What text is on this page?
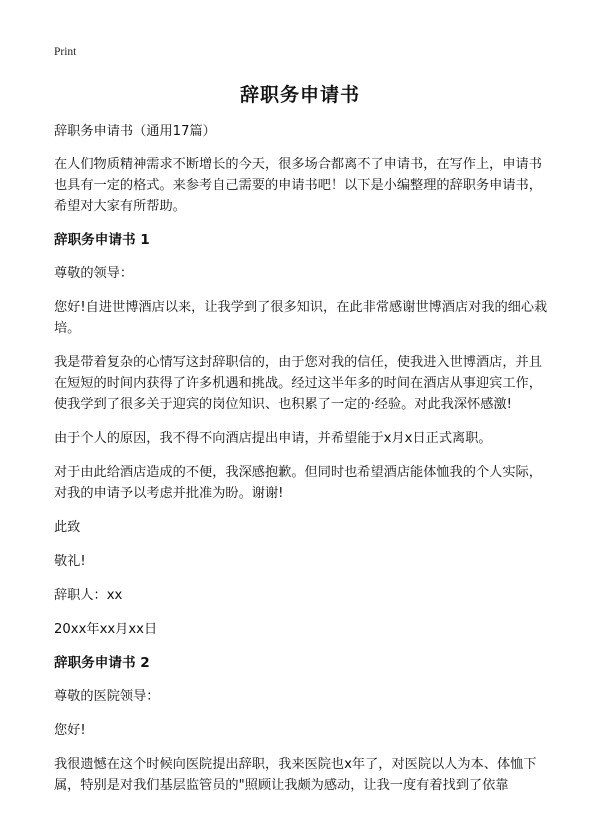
Print
辞职务申请书

辞职务申请书（通用17篇）

在人们物质精神需求不断增长的今天，很多场合都离不了申请书，在写作上，申请书也具有一定的格式。来参考自己需要的申请书吧！以下是小编整理的辞职务申请书，希望对大家有所帮助。

辞职务申请书 1

尊敬的领导：

您好!自进世博酒店以来，让我学到了很多知识，在此非常感谢世博酒店对我的细心栽培。

我是带着复杂的心情写这封辞职信的，由于您对我的信任，使我进入世博酒店，并且在短短的时间内获得了许多机遇和挑战。经过这半年多的时间在酒店从事迎宾工作，使我学到了很多关于迎宾的岗位知识、也积累了一定的·经验。对此我深怀感激!

由于个人的原因，我不得不向酒店提出申请，并希望能于x月x日正式离职。

对于由此给酒店造成的不便，我深感抱歉。但同时也希望酒店能体恤我的个人实际，对我的申请予以考虑并批准为盼。谢谢!

此致

敬礼!

辞职人：xx

20xx年xx月xx日

辞职务申请书 2

尊敬的医院领导：

您好!

我很遗憾在这个时候向医院提出辞职，我来医院也x年了，对医院以人为本、体恤下属，特别是对我们基层监管员的"照顾让我颇为感动，让我一度有着找到了依靠
